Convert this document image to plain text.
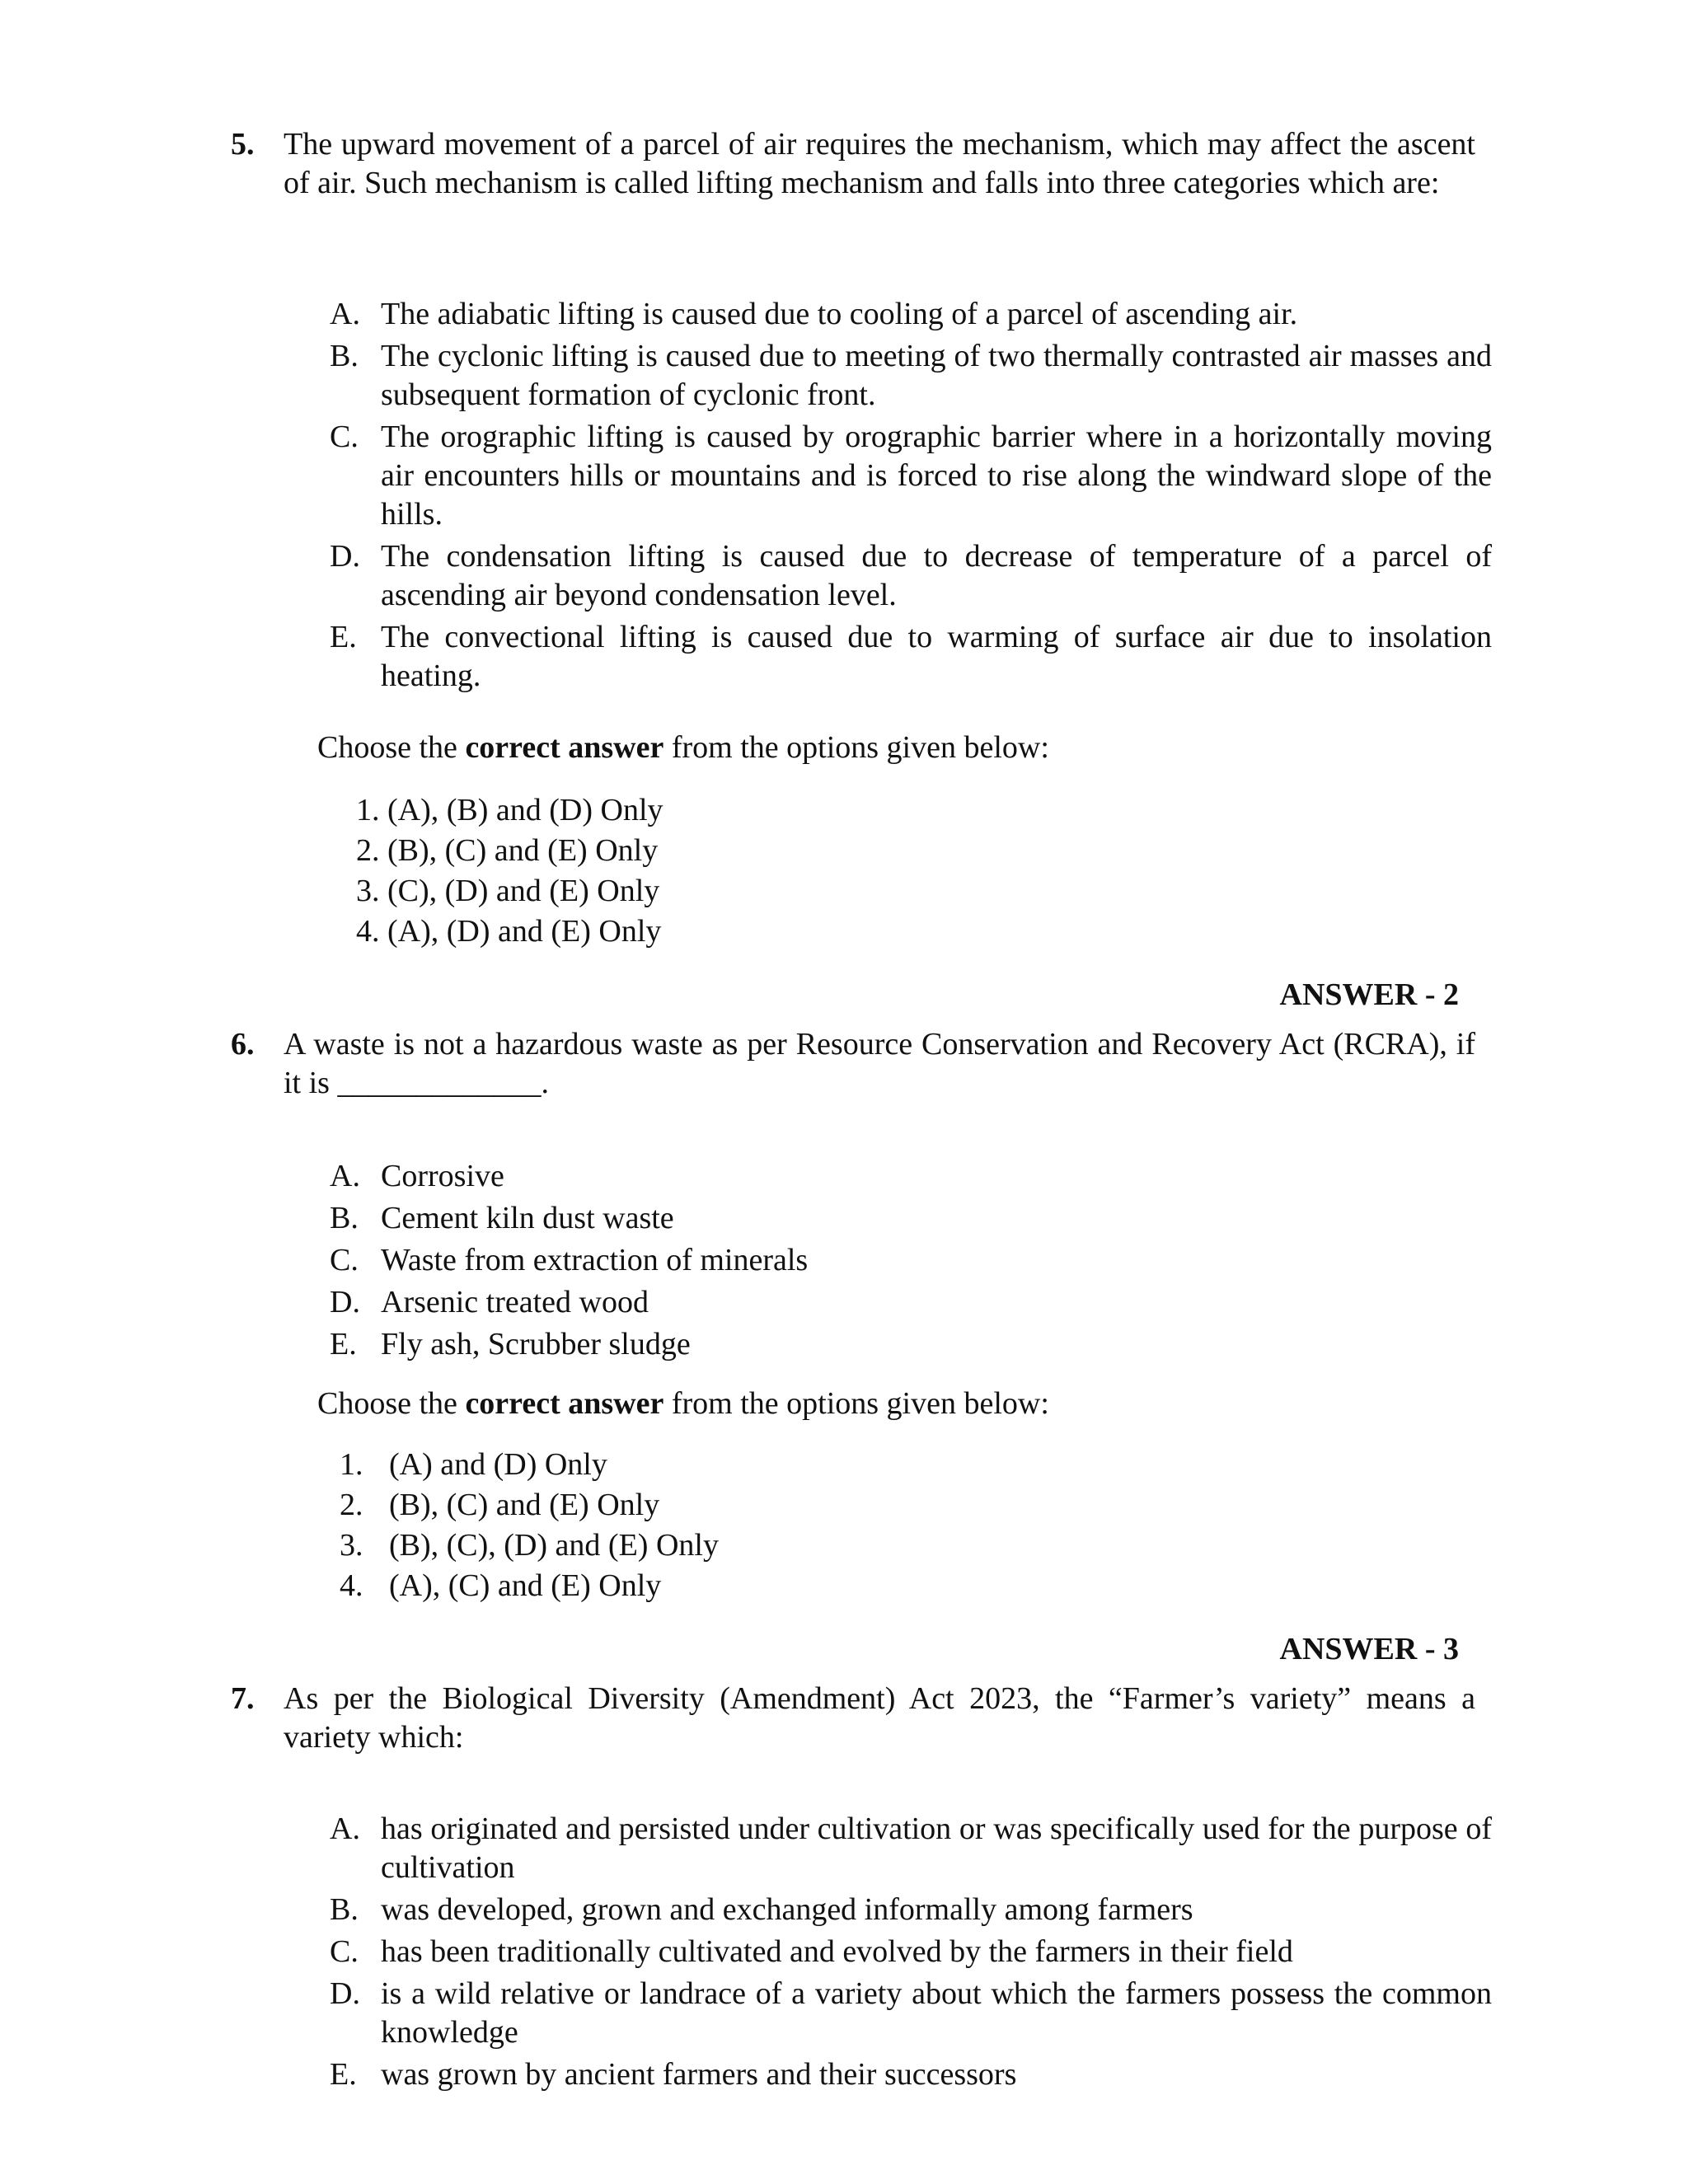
5. The upward movement of a parcel of air requires the mechanism, which may affect the ascent of air. Such mechanism is called lifting mechanism and falls into three categories which are:
A. The adiabatic lifting is caused due to cooling of a parcel of ascending air.
B. The cyclonic lifting is caused due to meeting of two thermally contrasted air masses and subsequent formation of cyclonic front.
C. The orographic lifting is caused by orographic barrier where in a horizontally moving air encounters hills or mountains and is forced to rise along the windward slope of the hills.
D. The condensation lifting is caused due to decrease of temperature of a parcel of ascending air beyond condensation level.
E. The convectional lifting is caused due to warming of surface air due to insolation heating.
Choose the correct answer from the options given below:
1. (A), (B) and (D) Only
2. (B), (C) and (E) Only
3. (C), (D) and (E) Only
4. (A), (D) and (E) Only
ANSWER - 2
6. A waste is not a hazardous waste as per Resource Conservation and Recovery Act (RCRA), if it is _____________.
A. Corrosive
B. Cement kiln dust waste
C. Waste from extraction of minerals
D. Arsenic treated wood
E. Fly ash, Scrubber sludge
Choose the correct answer from the options given below:
1. (A) and (D) Only
2. (B), (C) and (E) Only
3. (B), (C), (D) and (E) Only
4. (A), (C) and (E) Only
ANSWER - 3
7. As per the Biological Diversity (Amendment) Act 2023, the “Farmer’s variety” means a variety which:
A. has originated and persisted under cultivation or was specifically used for the purpose of cultivation
B. was developed, grown and exchanged informally among farmers
C. has been traditionally cultivated and evolved by the farmers in their field
D. is a wild relative or landrace of a variety about which the farmers possess the common knowledge
E. was grown by ancient farmers and their successors
